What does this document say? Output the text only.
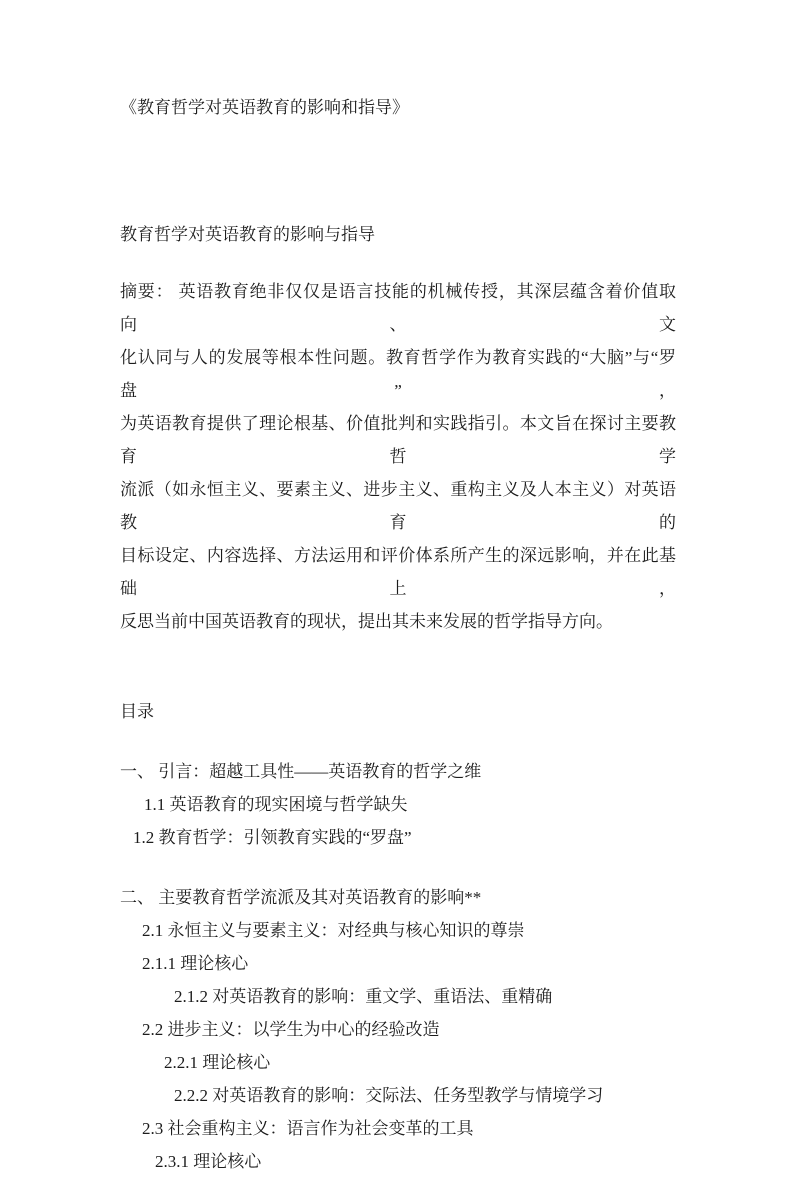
《教育哲学对英语教育的影响和指导》
教育哲学对英语教育的影响与指导
摘要： 英语教育绝非仅仅是语言技能的机械传授，其深层蕴含着价值取向、文
化认同与人的发展等根本性问题。教育哲学作为教育实践的“大脑”与“罗盘”，
为英语教育提供了理论根基、价值批判和实践指引。本文旨在探讨主要教育哲学
流派（如永恒主义、要素主义、进步主义、重构主义及人本主义）对英语教育的
目标设定、内容选择、方法运用和评价体系所产生的深远影响，并在此基础上，
反思当前中国英语教育的现状，提出其未来发展的哲学指导方向。
目录
一、 引言：超越工具性——英语教育的哲学之维
1.1 英语教育的现实困境与哲学缺失
1.2 教育哲学：引领教育实践的“罗盘”
二、 主要教育哲学流派及其对英语教育的影响**
2.1 永恒主义与要素主义：对经典与核心知识的尊崇
2.1.1 理论核心
2.1.2 对英语教育的影响：重文学、重语法、重精确
2.2 进步主义：以学生为中心的经验改造
2.2.1 理论核心
2.2.2 对英语教育的影响：交际法、任务型教学与情境学习
2.3 社会重构主义：语言作为社会变革的工具
2.3.1 理论核心
